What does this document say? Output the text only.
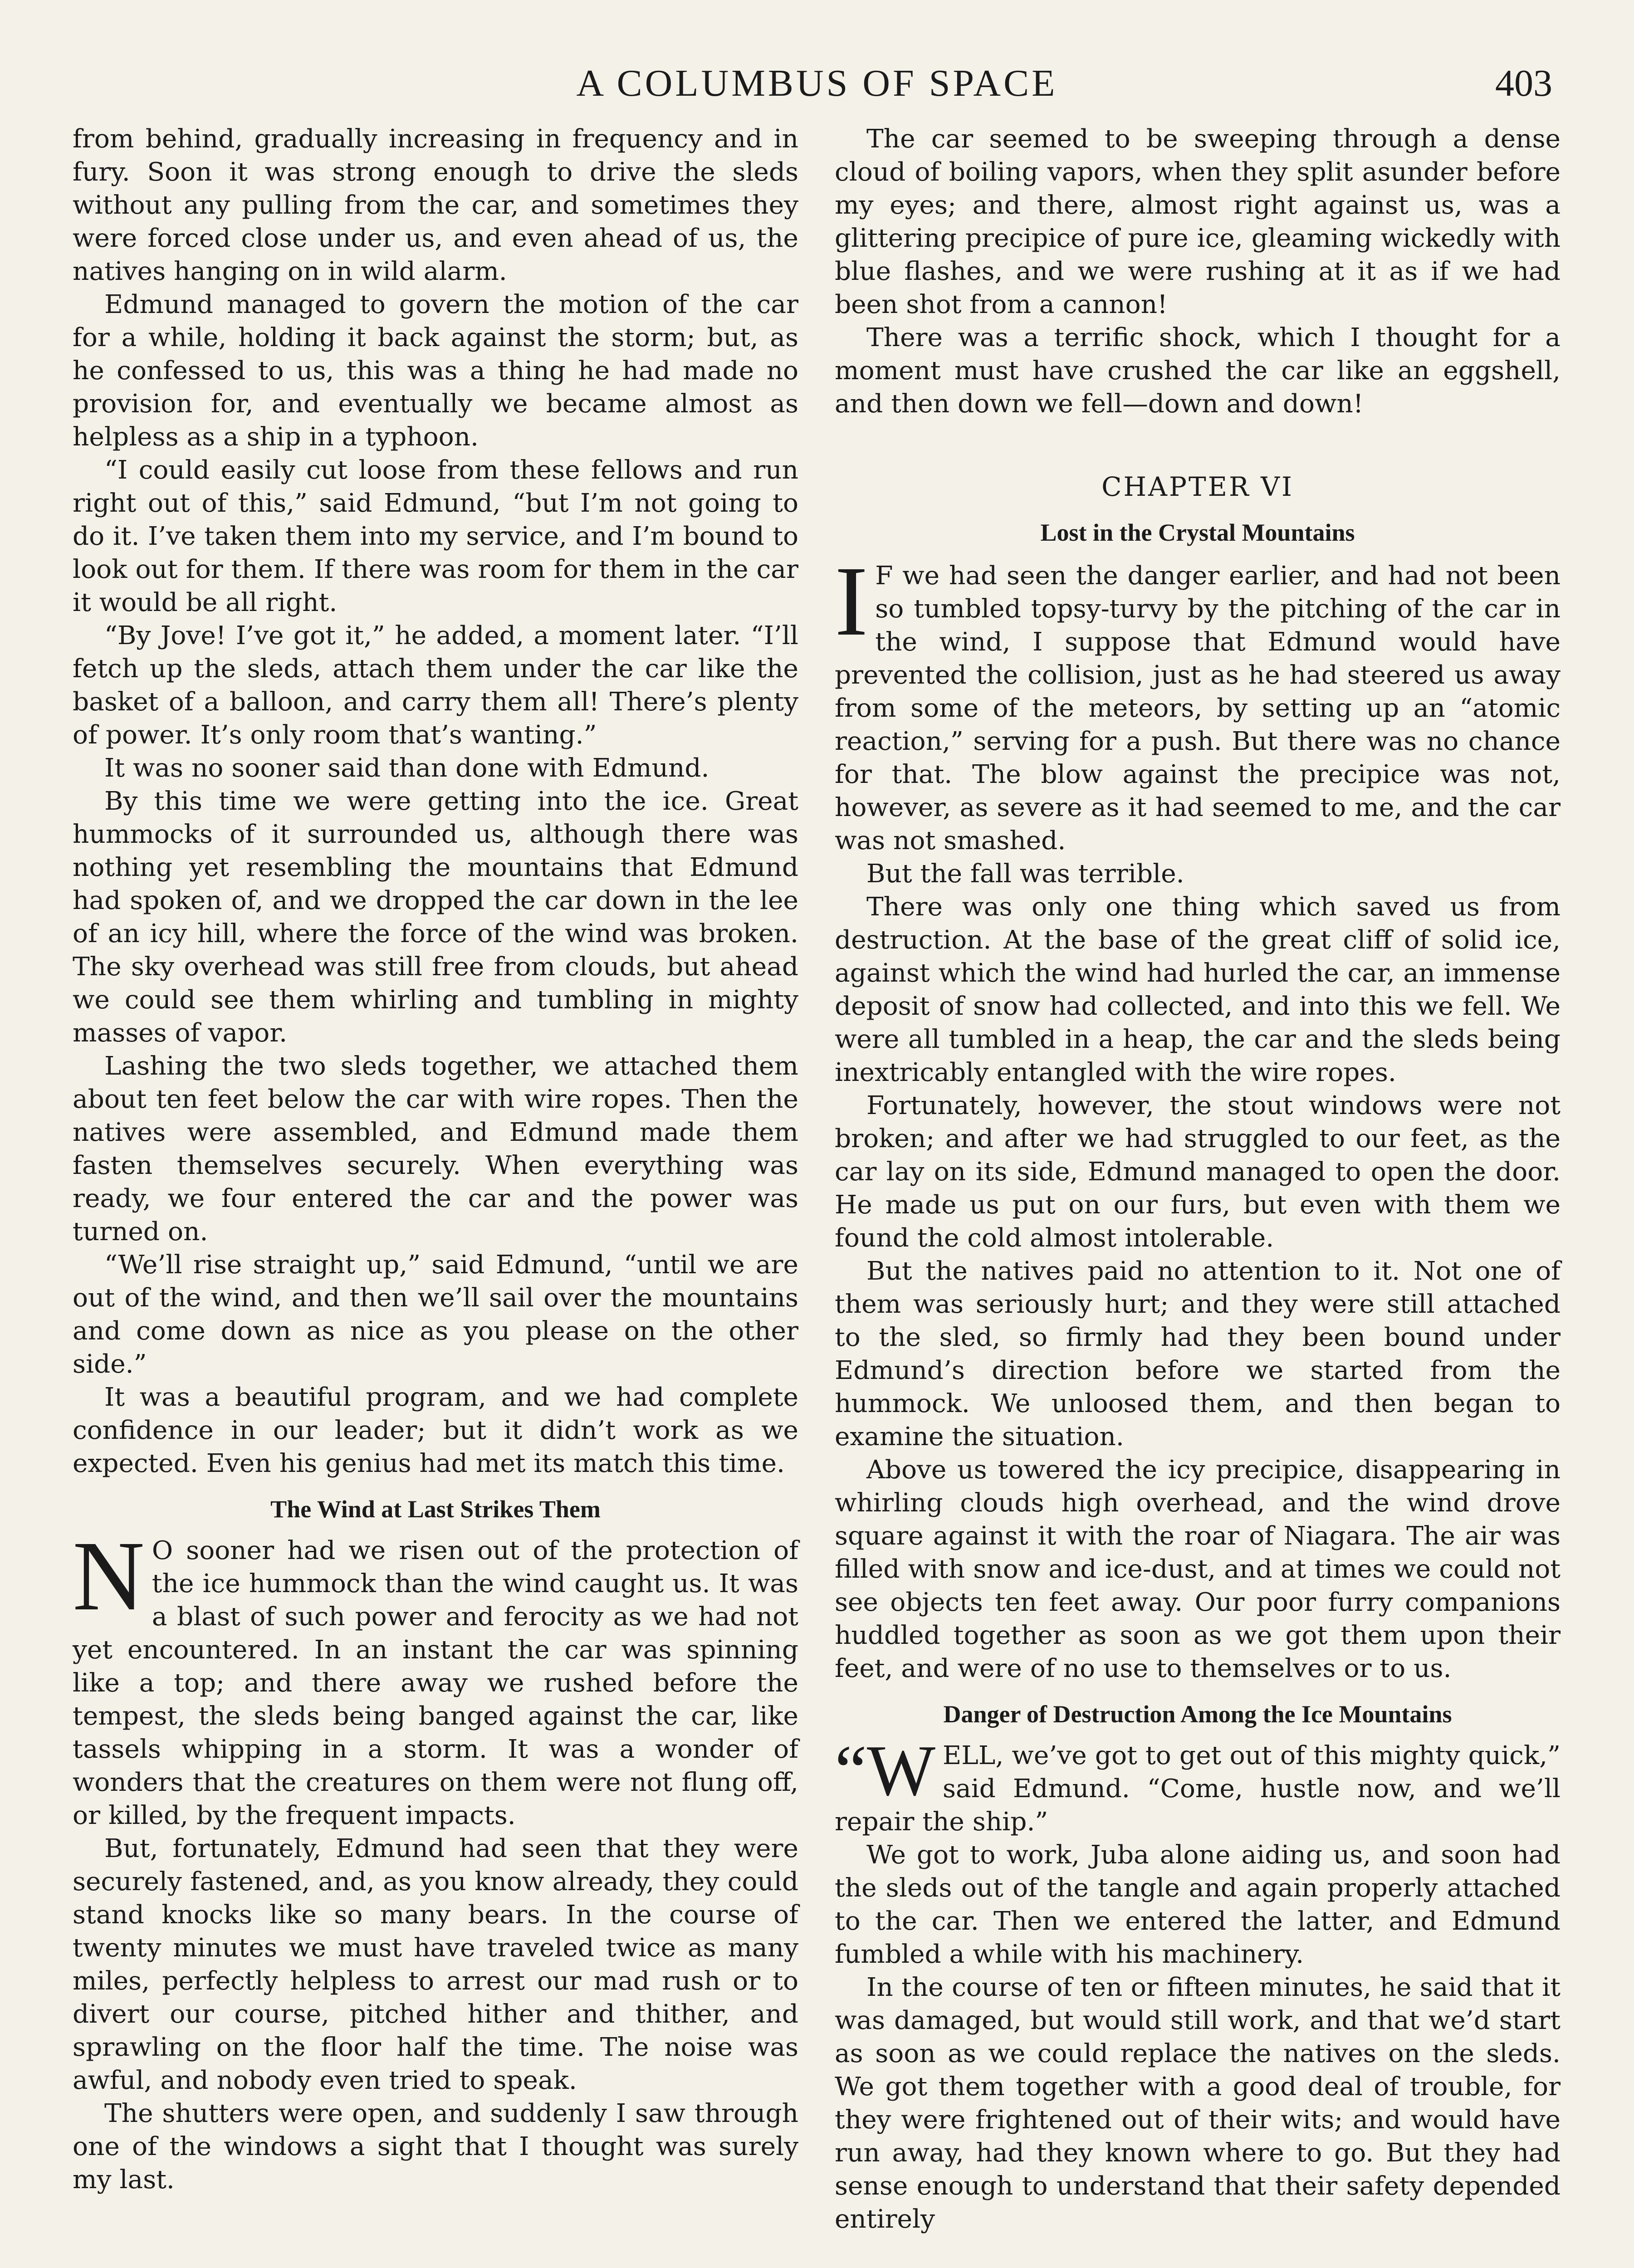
A COLUMBUS OF SPACE	403

from behind, gradually increasing in frequency and in fury. Soon it was strong enough to drive the sleds without any pulling from the car, and sometimes they were forced close under us, and even ahead of us, the natives hanging on in wild alarm.

Edmund managed to govern the motion of the car for a while, holding it back against the storm; but, as he confessed to us, this was a thing he had made no provision for, and eventually we became almost as helpless as a ship in a typhoon.

“I could easily cut loose from these fellows and run right out of this,” said Edmund, “but I’m not going to do it. I’ve taken them into my service, and I’m bound to look out for them. If there was room for them in the car it would be all right.

“By Jove! I’ve got it,” he added, a moment later. “I’ll fetch up the sleds, attach them under the car like the basket of a balloon, and carry them all! There’s plenty of power. It’s only room that’s wanting.”

It was no sooner said than done with Edmund.

By this time we were getting into the ice. Great hummocks of it surrounded us, although there was nothing yet resembling the mountains that Edmund had spoken of, and we dropped the car down in the lee of an icy hill, where the force of the wind was broken. The sky overhead was still free from clouds, but ahead we could see them whirling and tumbling in mighty masses of vapor.

Lashing the two sleds together, we attached them about ten feet below the car with wire ropes. Then the natives were assembled, and Edmund made them fasten themselves securely. When everything was ready, we four entered the car and the power was turned on.

“We’ll rise straight up,” said Edmund, “until we are out of the wind, and then we’ll sail over the mountains and come down as nice as you please on the other side.”

It was a beautiful program, and we had complete confidence in our leader; but it didn’t work as we expected. Even his genius had met its match this time.

The Wind at Last Strikes Them

N O sooner had we risen out of the protection of the ice hummock than the wind caught us. It was a blast of such power and ferocity as we had not yet encountered. In an instant the car was spinning like a top; and there away we rushed before the tempest, the sleds being banged against the car, like tassels whipping in a storm. It was a wonder of wonders that the creatures on them were not flung off, or killed, by the frequent impacts.

But, fortunately, Edmund had seen that they were securely fastened, and, as you know already, they could stand knocks like so many bears. In the course of twenty minutes we must have traveled twice as many miles, perfectly helpless to arrest our mad rush or to divert our course, pitched hither and thither, and sprawling on the floor half the time. The noise was awful, and nobody even tried to speak.

The shutters were open, and suddenly I saw through one of the windows a sight that I thought was surely my last.

The car seemed to be sweeping through a dense cloud of boiling vapors, when they split asunder before my eyes; and there, almost right against us, was a glittering precipice of pure ice, gleaming wickedly with blue flashes, and we were rushing at it as if we had been shot from a cannon!

There was a terrific shock, which I thought for a moment must have crushed the car like an eggshell, and then down we fell—down and down!

CHAPTER VI
Lost in the Crystal Mountains

I F we had seen the danger earlier, and had not been so tumbled topsy-turvy by the pitching of the car in the wind, I suppose that Edmund would have prevented the collision, just as he had steered us away from some of the meteors, by setting up an “atomic reaction,” serving for a push. But there was no chance for that. The blow against the precipice was not, however, as severe as it had seemed to me, and the car was not smashed.

But the fall was terrible.

There was only one thing which saved us from destruction. At the base of the great cliff of solid ice, against which the wind had hurled the car, an immense deposit of snow had collected, and into this we fell. We were all tumbled in a heap, the car and the sleds being inextricably entangled with the wire ropes.

Fortunately, however, the stout windows were not broken; and after we had struggled to our feet, as the car lay on its side, Edmund managed to open the door. He made us put on our furs, but even with them we found the cold almost intolerable.

But the natives paid no attention to it. Not one of them was seriously hurt; and they were still attached to the sled, so firmly had they been bound under Edmund’s direction before we started from the hummock. We unloosed them, and then began to examine the situation.

Above us towered the icy precipice, disappearing in whirling clouds high overhead, and the wind drove square against it with the roar of Niagara. The air was filled with snow and ice-dust, and at times we could not see objects ten feet away. Our poor furry companions huddled together as soon as we got them upon their feet, and were of no use to themselves or to us.

Danger of Destruction Among the Ice Mountains

“WELL, we’ve got to get out of this mighty quick,” said Edmund. “Come, hustle now, and we’ll repair the ship.”

We got to work, Juba alone aiding us, and soon had the sleds out of the tangle and again properly attached to the car. Then we entered the latter, and Edmund fumbled a while with his machinery.

In the course of ten or fifteen minutes, he said that it was damaged, but would still work, and that we’d start as soon as we could replace the natives on the sleds. We got them together with a good deal of trouble, for they were frightened out of their wits; and would have run away, had they known where to go. But they had sense enough to understand that their safety depended entirely
